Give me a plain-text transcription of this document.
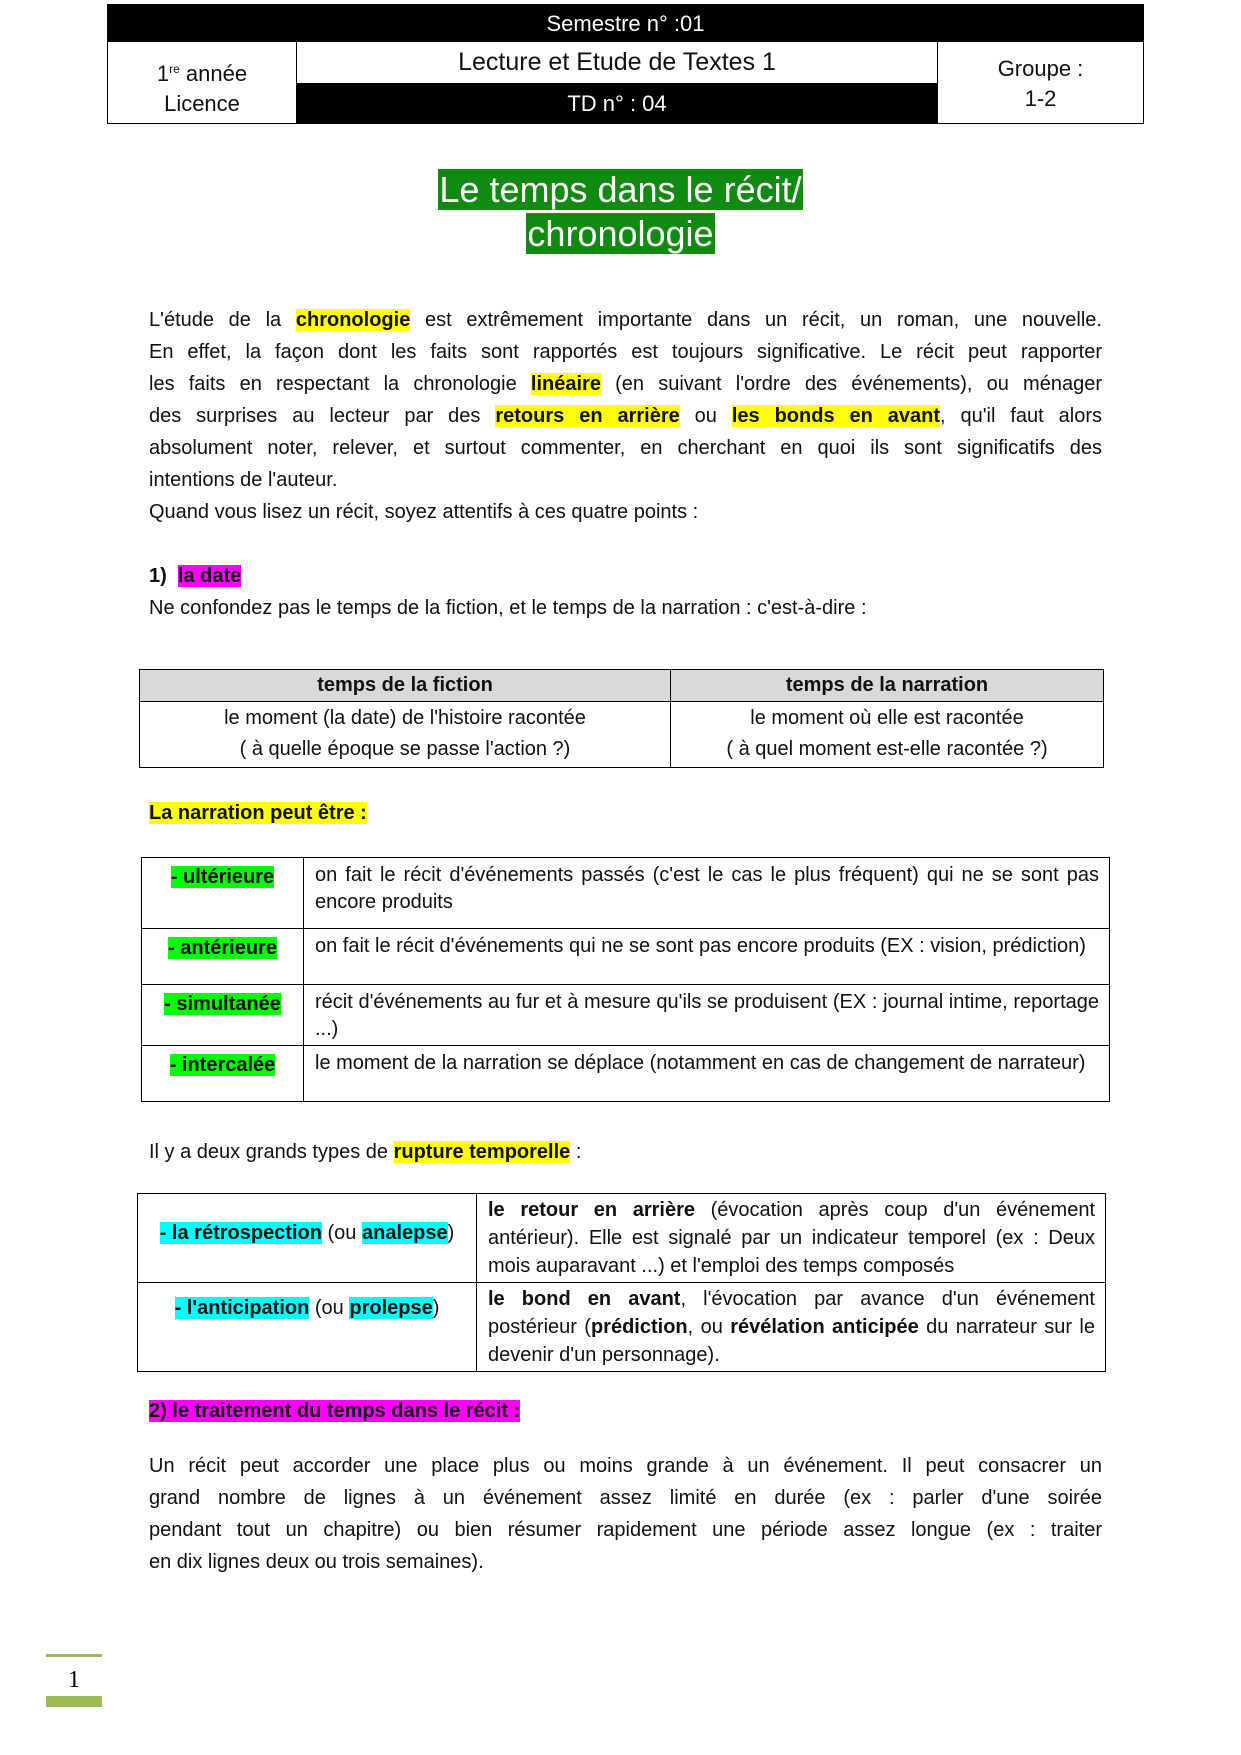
Semestre n° :01
1re année
Licence
Lecture et Etude de Textes 1
TD n° : 04
Groupe :
1-2
Le temps dans le récit/
chronologie
L'étude de la chronologie est extrêmement importante dans un récit, un roman, une nouvelle.
En effet, la façon dont les faits sont rapportés est toujours significative. Le récit peut rapporter
les faits en respectant la chronologie linéaire (en suivant l'ordre des événements), ou ménager
des surprises au lecteur par des retours en arrière ou les bonds en avant, qu'il faut alors
absolument noter, relever, et surtout commenter, en cherchant en quoi ils sont significatifs des
intentions de l'auteur.
Quand vous lisez un récit, soyez attentifs à ces quatre points :
1) la date
Ne confondez pas le temps de la fiction, et le temps de la narration : c'est-à-dire :
temps de la fiction	temps de la narration
le moment (la date) de l'histoire racontée
( à quelle époque se passe l'action ?)	le moment où elle est racontée
( à quel moment est-elle racontée ?)
La narration peut être :
- ultérieure	on fait le récit d'événements passés (c'est le cas le plus fréquent) qui ne se sont pas encore produits
- antérieure	on fait le récit d'événements qui ne se sont pas encore produits (EX : vision, prédiction)
- simultanée	récit d'événements au fur et à mesure qu'ils se produisent (EX : journal intime, reportage ...)
- intercalée	le moment de la narration se déplace (notamment en cas de changement de narrateur)
Il y a deux grands types de rupture temporelle :
- la rétrospection (ou analepse)	le retour en arrière (évocation après coup d'un événement antérieur). Elle est signalé par un indicateur temporel (ex : Deux mois auparavant ...) et l'emploi des temps composés
- l'anticipation (ou prolepse)	le bond en avant, l'évocation par avance d'un événement postérieur (prédiction, ou révélation anticipée du narrateur sur le devenir d'un personnage).
2) le traitement du temps dans le récit :
Un récit peut accorder une place plus ou moins grande à un événement. Il peut consacrer un
grand nombre de lignes à un événement assez limité en durée (ex : parler d'une soirée
pendant tout un chapitre) ou bien résumer rapidement une période assez longue (ex : traiter
en dix lignes deux ou trois semaines).
1
